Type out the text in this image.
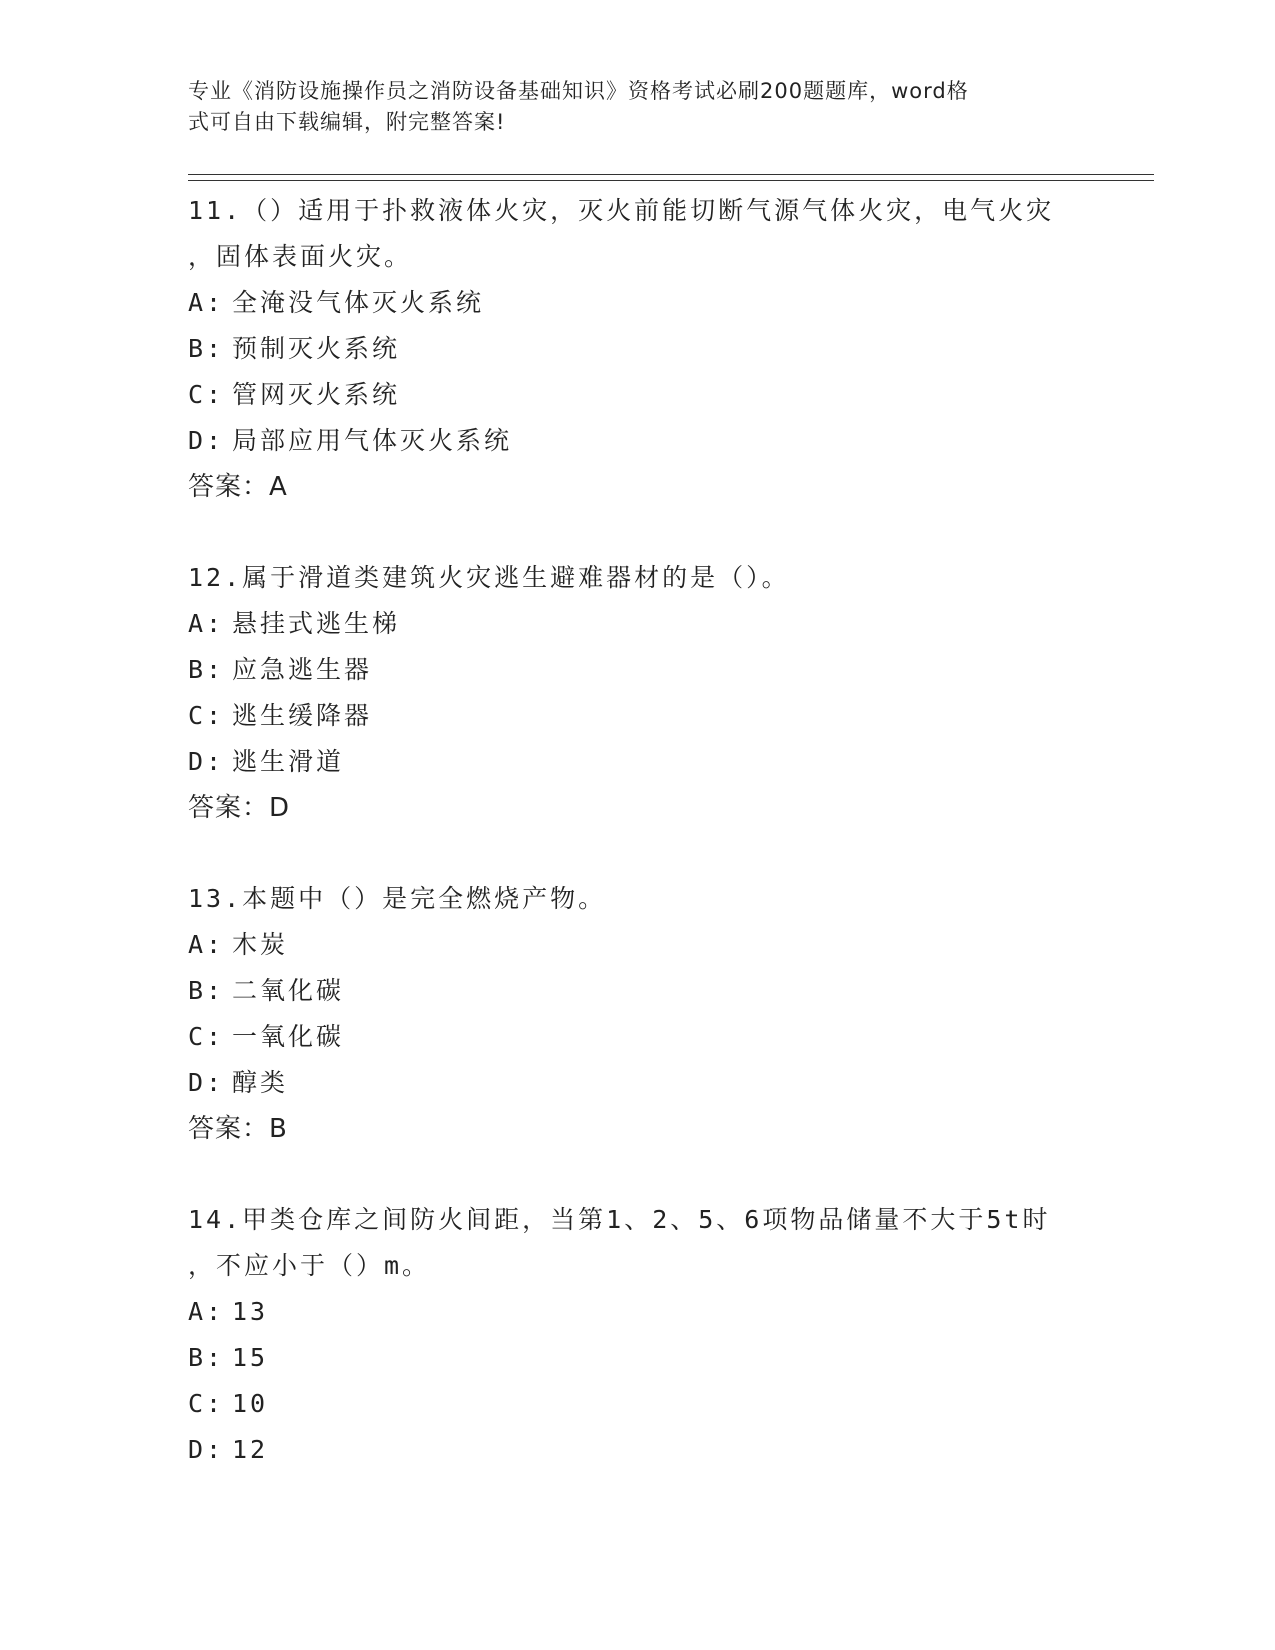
专业《消防设施操作员之消防设备基础知识》资格考试必刷200题题库，word格
式可自由下载编辑，附完整答案!
11.（）适用于扑救液体火灾，灭火前能切断气源气体火灾，电气火灾
，固体表面火灾。
A: 全淹没气体灭火系统
B: 预制灭火系统
C: 管网灭火系统
D: 局部应用气体灭火系统
答案：A
12.属于滑道类建筑火灾逃生避难器材的是（）。
A: 悬挂式逃生梯
B: 应急逃生器
C: 逃生缓降器
D: 逃生滑道
答案：D
13.本题中（）是完全燃烧产物。
A: 木炭
B: 二氧化碳
C: 一氧化碳
D: 醇类
答案：B
14.甲类仓库之间防火间距，当第1、2、5、6项物品储量不大于5t时
，不应小于（）m。
A: 13
B: 15
C: 10
D: 12
